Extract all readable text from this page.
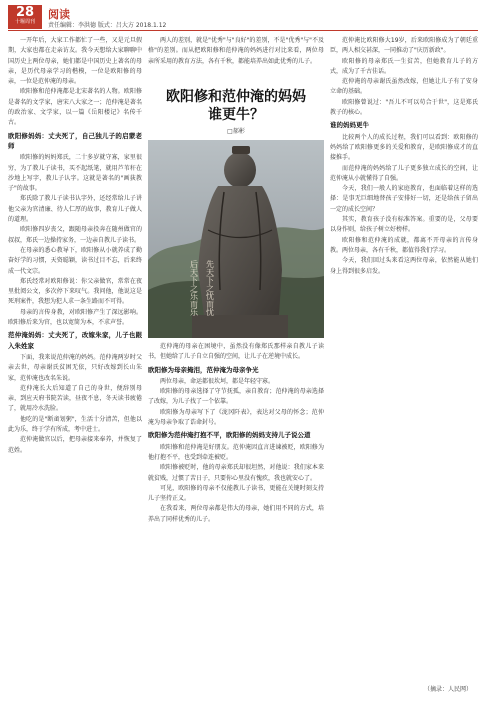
28
十堰周刊
阅读
责任编辑：李洪德 版式：吕大方 2018.1.12

一开年后，大家工作都忙了一些，又是元旦假期，大家也都在走亲访友。我今天想给大家聊聊中国历史上两位母亲，她们都是中国历史上著名的母亲，是历代母亲学习的楷模，一位是欧阳修的母亲，一位是范仲淹的母亲。

欧阳修和范仲淹都是北宋著名的人物。欧阳修是著名的文学家，唐宋八大家之一；范仲淹是著名的政治家、文学家，以一篇《岳阳楼记》名传千古。

欧阳修妈妈：丈夫死了，自己独儿子的启蒙老师

欧阳修的妈妈郑氏，二十多岁就守寡，家里很穷，为了教儿子读书，买不起纸笔，就用芦苇秆在沙地上写字，教儿子认字。这就是著名的"画荻教子"的故事。

郑氏除了教儿子读书认字外，还经常给儿子讲他父亲为官清廉、待人仁厚的故事，教育儿子做人的道理。

欧阳修四岁丧父，跟随母亲投奔在随州做官的叔叔，郑氏一边操持家务，一边亲自教儿子读书。

在母亲的悉心教导下，欧阳修从小就养成了勤奋好学的习惯，天资聪颖，读书过目不忘，后来终成一代文宗。

郑氏经常对欧阳修说：你父亲做官，常常在夜里批阅公文，多次停下来叹气。我问他，他说这是死刑案件，我想为犯人求一条生路而不可得。

母亲的言传身教，对欧阳修产生了深远影响。欧阳修后来为官，也以宽简为本，不求声誉。

范仲淹妈妈：丈夫死了，改嫁朱家，儿子也跟入朱姓家

下面，我来说范仲淹的妈妈。范仲淹两岁时父亲去世，母亲谢氏贫困无依，只好改嫁到长山朱家，范仲淹也改名朱说。

范仲淹长大后知道了自己的身世，便辞别母亲，到应天府书院苦读，昼夜不息，冬天读书疲倦了，就用冷水洗脸。

他吃的是"断齑划粥"，生活十分清苦，但他以此为乐，终于学有所成，考中进士。

范仲淹做官以后，把母亲接来奉养，并恢复了范姓。

两人的差别，就是"优秀"与"良好"的差别，不是"优秀"与"不及格"的差别。而从把欧阳修和范仲淹的妈妈进行对比来看，两位母亲所采用的教育方法，各有千秋，都能培养出如此优秀的儿子。

欧阳修和范仲淹的妈妈
谁更牛？
□郝彬
先天下之忧而忧
后天下之乐而乐

范仲淹的母亲在困境中，虽然没有像郑氏那样亲自教儿子读书，但她给了儿子自立自强的空间，让儿子在逆境中成长。

欧阳修为母亲掩泪，范仲淹为母亲争光

两位母亲，命运都很坎坷，都是年轻守寡。

欧阳修的母亲选择了守节抚孤，亲自教育；范仲淹的母亲选择了改嫁，为儿子找了一个依靠。

欧阳修为母亲写下了《泷冈阡表》，表达对父母的怀念；范仲淹为母亲争取了诰命封号。

欧阳修为范仲淹打抱不平，欧阳修的妈妈支持儿子说公道

欧阳修和范仲淹是好朋友。范仲淹因直言进谏被贬，欧阳修为他打抱不平，也受到牵连被贬。

欧阳修被贬时，他的母亲郑氏却很坦然，对他说：我们家本来就贫贱，过惯了苦日子，只要你心里没有愧疚，我也就安心了。

可见，欧阳修的母亲不仅能教儿子读书，更能在关键时刻支持儿子坚持正义。

在我看来，两位母亲都是伟大的母亲，她们用不同的方式，培养出了同样优秀的儿子。

范仲淹比欧阳修大19岁，后来欧阳修成为了朝廷重臣，两人相交甚深，一同推动了"庆历新政"。

欧阳修的母亲郑氏一生贫苦，但她教育儿子的方式，成为了千古佳话。

范仲淹的母亲谢氏虽然改嫁，但她让儿子有了安身立命的基础。

欧阳修曾说过："吾儿不可以苟合于世"，这是郑氏教子的核心。

谁的妈妈更牛

比较两个人的成长过程，我们可以看到：欧阳修的妈妈给了欧阳修更多的关爱和教育，是欧阳修成才的直接推手。

而范仲淹的妈妈给了儿子更多独立成长的空间，让范仲淹从小就懂得了自强。

今天，我们一般人的家庭教育，也面临着这样的选择：是事无巨细地替孩子安排好一切，还是给孩子留出一定的成长空间？

其实，教育孩子没有标准答案。重要的是，父母要以身作则，给孩子树立好榜样。

欧阳修和范仲淹的成就，都离不开母亲的言传身教。两位母亲，各有千秋，都值得我们学习。

今天，我们回过头来看这两位母亲，依然能从她们身上得到很多启发。

（摘录：人民网）
